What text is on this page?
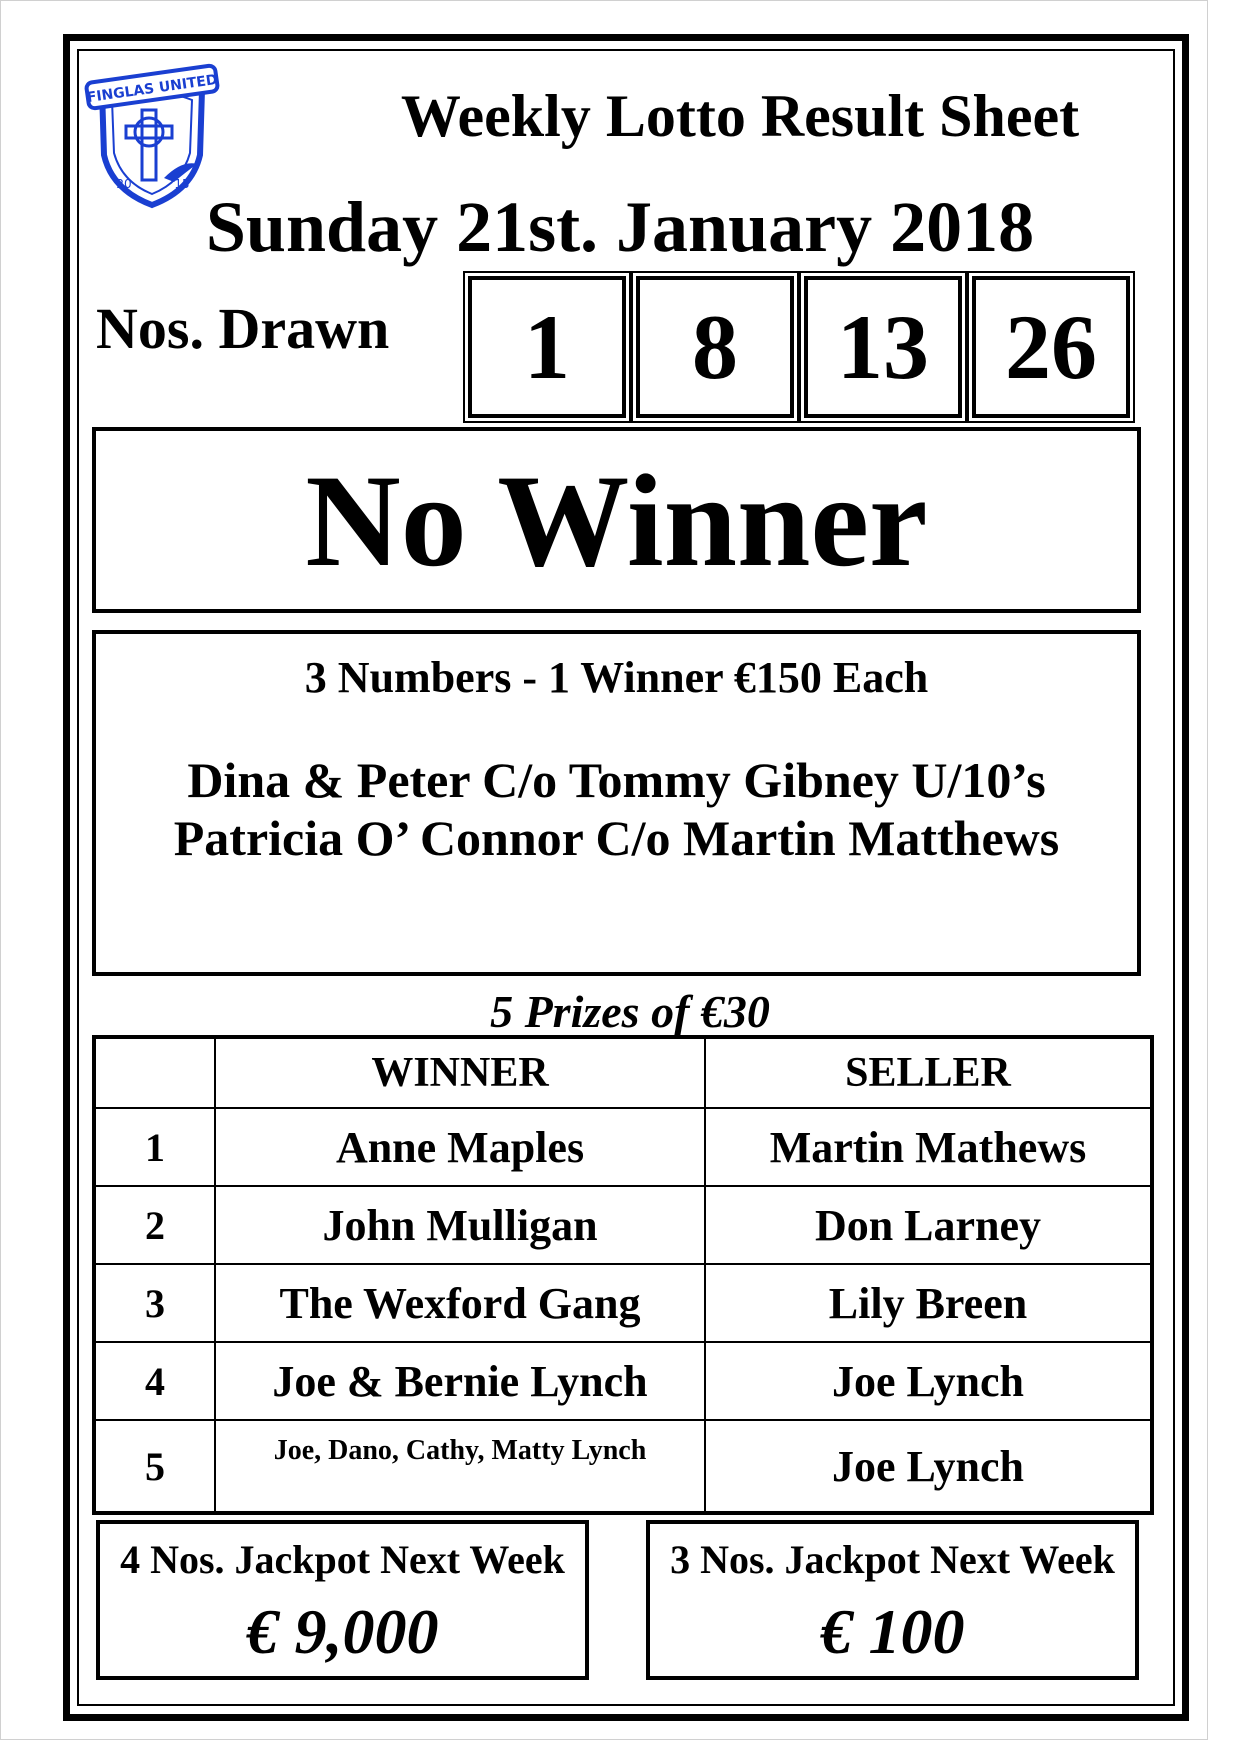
FINGLAS UNITED
20	15
Weekly Lotto Result Sheet
Sunday 21st. January 2018
Nos. Drawn	1 8 13 26
No Winner
3 Numbers - 1 Winner €150 Each
Dina & Peter C/o Tommy Gibney U/10’s
Patricia O’ Connor C/o Martin Matthews
5 Prizes of €30
	WINNER	SELLER
1	Anne Maples	Martin Mathews
2	John Mulligan	Don Larney
3	The Wexford Gang	Lily Breen
4	Joe & Bernie Lynch	Joe Lynch
5	Joe, Dano, Cathy, Matty Lynch	Joe Lynch
4 Nos. Jackpot Next Week
€ 9,000
3 Nos. Jackpot Next Week
€ 100
